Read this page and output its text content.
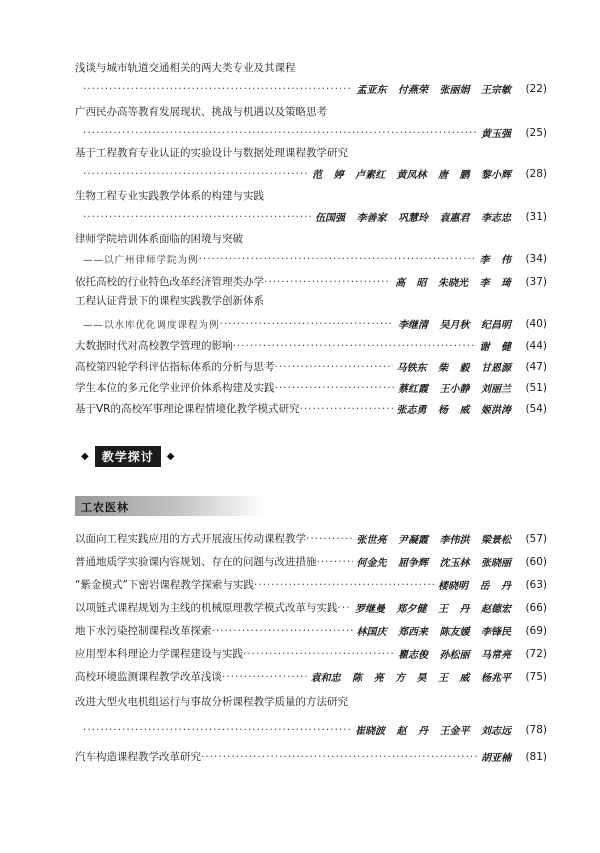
浅谈与城市轨道交通相关的两大类专业及其课程
·····
孟亚东 付燕荣 张丽娟 王宗敏	(22)
广西民办高等教育发展现状、挑战与机遇以及策略思考
·····
黄玉强	(25)
基于工程教育专业认证的实验设计与数据处理课程教学研究
·····
范 婷 卢素红 黄凤林 唐 鹏 黎小辉	(28)
生物工程专业实践教学体系的构建与实践
·····
伍国强 李善家 巩慧玲 袁惠君 李志忠	(31)
律师学院培训体系面临的困境与突破
——以广州律师学院为例 ·····	李 伟	(34)
依托高校的行业特色改革经济管理类办学 ·····	高 昭 朱晓光 李 琦	(37)
工程认证背景下的课程实践教学创新体系
——以水库优化调度课程为例 ·····	李继清 吴月秋 纪昌明	(40)
大数据时代对高校教学管理的影响 ·····	谢 健	(44)
高校第四轮学科评估指标体系的分析与思考 ·····	马铁东 柴 毅 甘恩源	(47)
学生本位的多元化学业评价体系构建及实践 ·····	蔡红霞 王小静 刘丽兰	(51)
基于VR的高校军事理论课程情境化教学模式研究 ·····	张志勇 杨 威 姬洪涛	(54)
◆	教学探讨	◆
工农医林
以面向工程实践应用的方式开展液压传动课程教学 ·····	张世亮 尹凝霞 李伟洪 梁景松	(57)
普通地质学实验课内容规划、存在的问题与改进措施 ·····	何金先 屈争辉 沈玉林 张晓丽	(60)
“紫金模式”下密岩课程教学探索与实践 ·····	楼晓明 岳 丹	(63)
以项链式课程规划为主线的机械原理教学模式改革与实践 ·····	罗继曼 郑夕健 王 丹 赵德宏	(66)
地下水污染控制课程改革探索 ·····	林国庆 郑西来 陈友媛 李锋民	(69)
应用型本科理论力学课程建设与实践 ·····	瞿志俊 孙松丽 马常亮	(72)
高校环境监测课程教学改革浅谈 ·····	袁和忠 陈 亮 方 昊 王 威 杨兆平	(75)
改进大型火电机组运行与事故分析课程教学质量的方法研究
·····
崔晓波 赵 丹 王金平 刘志远	(78)
汽车构造课程教学改革研究 ·····	胡亚楠	(81)
